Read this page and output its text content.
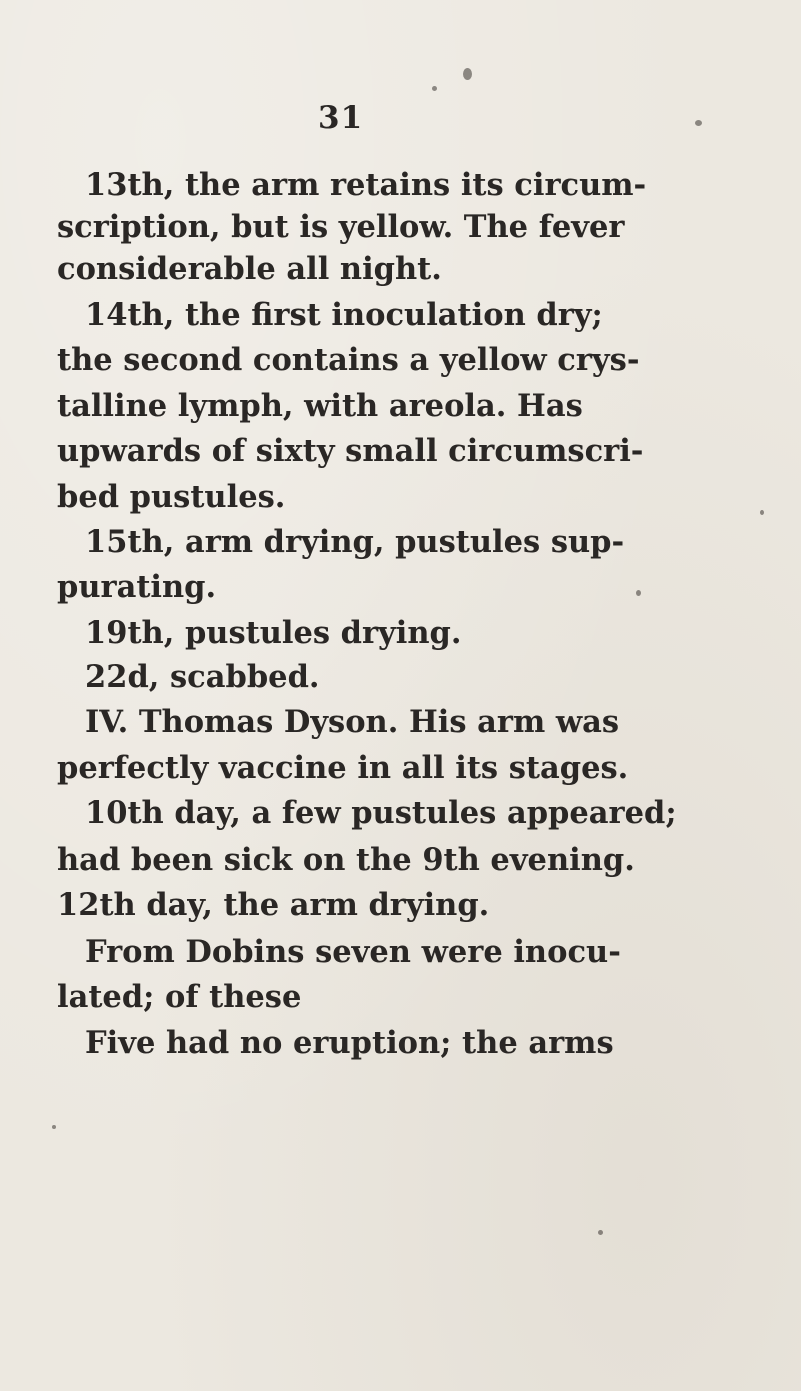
31
13th, the arm retains its circum-
scription, but is yellow. The fever
considerable all night.
14th, the first inoculation dry;
the second contains a yellow crys-
talline lymph, with areola. Has
upwards of sixty small circumscri-
bed pustules.
15th, arm drying, pustules sup-
purating.
19th, pustules drying.
22d, scabbed.
IV. Thomas Dyson. His arm was
perfectly vaccine in all its stages.
10th day, a few pustules appeared;
had been sick on the 9th evening.
12th day, the arm drying.
From Dobins seven were inocu-
lated; of these
Five had no eruption; the arms
